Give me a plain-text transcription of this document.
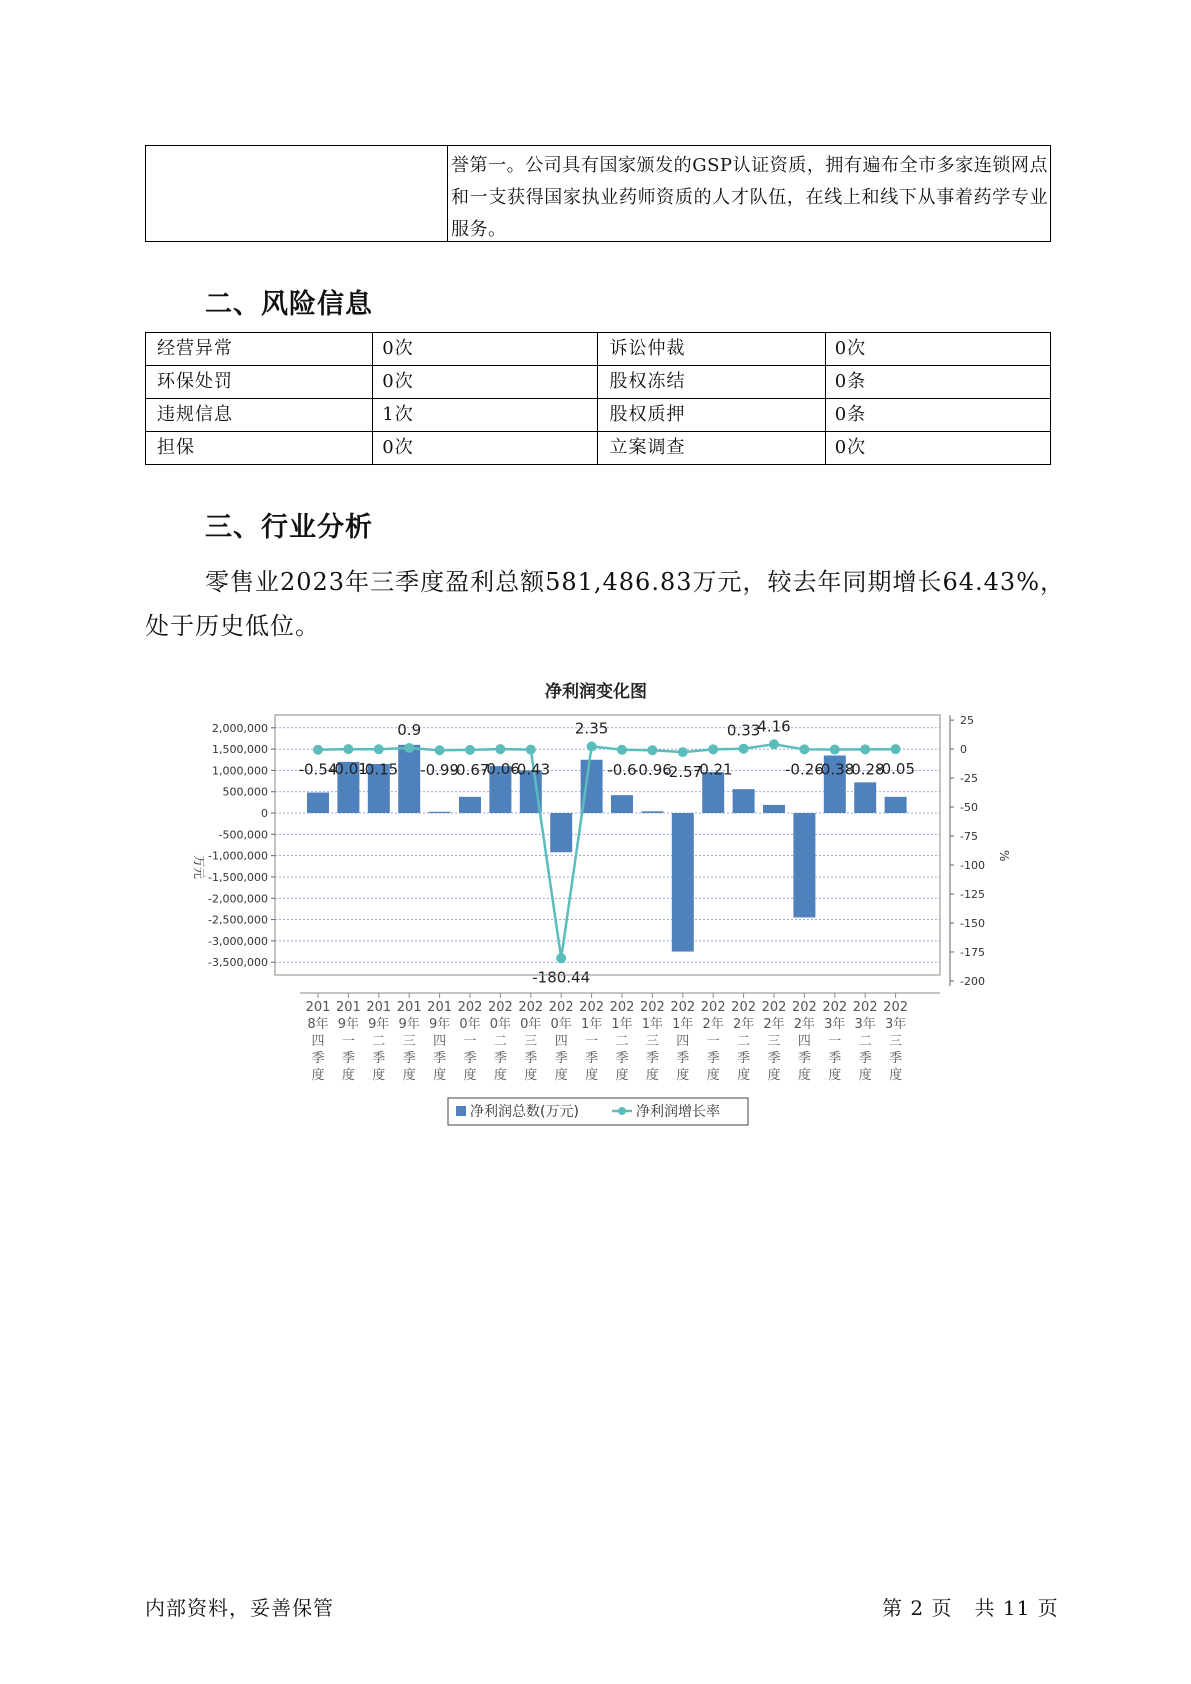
誉第一。公司具有国家颁发的GSP认证资质，拥有遍布全市多家连锁网点和一支获得国家执业药师资质的人才队伍，在线上和线下从事着药学专业服务。
二、风险信息
经营异常	0次	诉讼仲裁	0次
环保处罚	0次	股权冻结	0条
违规信息	1次	股权质押	0条
担保	0次	立案调查	0次
三、行业分析
零售业2023年三季度盈利总额581,486.83万元，较去年同期增长64.43%，处于历史低位。
净利润变化图
万元	%
-0.54
-0.01
-0.15
0.9
-0.99
-0.67
-0.06
-0.43
-180.44
2.35
-0.6
-0.96
-2.57
-0.21
0.33
4.16
-0.26
-0.38
-0.28
-0.05
2,000,000
1,500,000
1,000,000
500,000
0
-500,000
-1,000,000
-1,500,000
-2,000,000
-2,500,000
-3,000,000
-3,500,000
25
0
-25
-50
-75
-100
-125
-150
-175
-200
201
8年
四
季
度
201
9年
一
季
度
201
9年
二
季
度
201
9年
三
季
度
201
9年
四
季
度
202
0年
一
季
度
202
0年
二
季
度
202
0年
三
季
度
202
0年
四
季
度
202
1年
一
季
度
202
1年
二
季
度
202
1年
三
季
度
202
1年
四
季
度
202
2年
一
季
度
202
2年
二
季
度
202
2年
三
季
度
202
2年
四
季
度
202
3年
一
季
度
202
3年
二
季
度
202
3年
三
季
度
净利润总数(万元)	净利润增长率
内部资料，妥善保管	第 2 页   共 11 页
